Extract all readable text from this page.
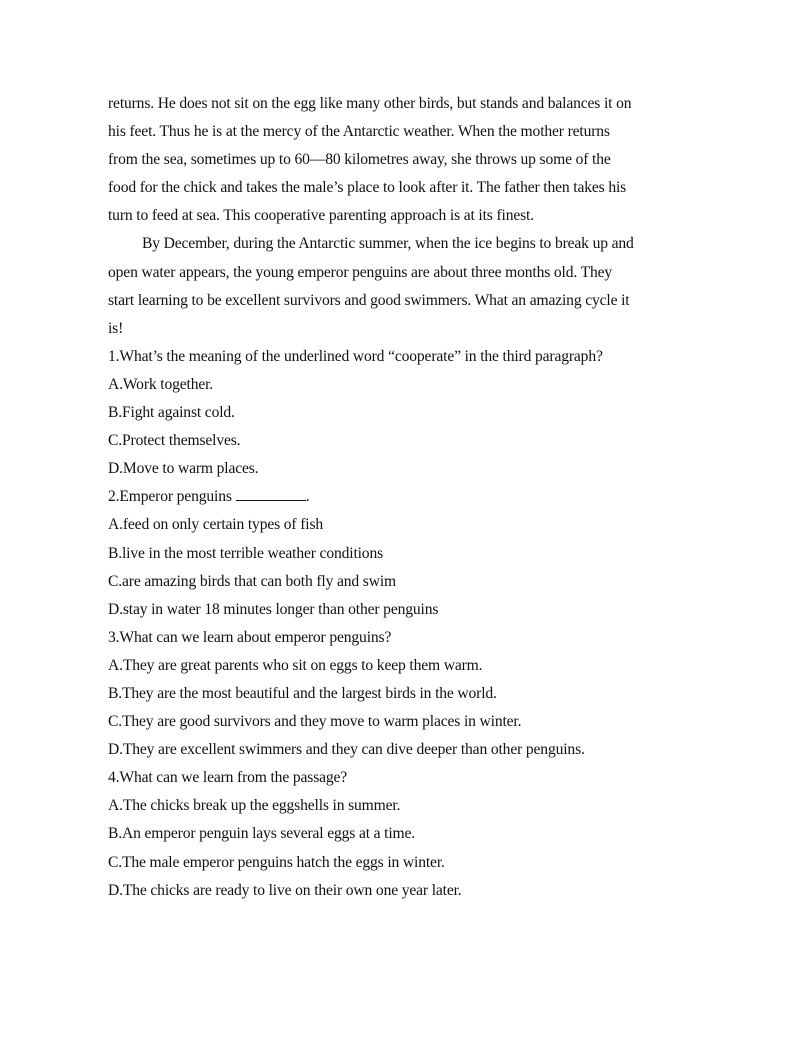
returns. He does not sit on the egg like many other birds, but stands and balances it on
his feet. Thus he is at the mercy of the Antarctic weather. When the mother returns
from the sea, sometimes up to 60—80 kilometres away, she throws up some of the
food for the chick and takes the male’s place to look after it. The father then takes his
turn to feed at sea. This cooperative parenting approach is at its finest.
By December, during the Antarctic summer, when the ice begins to break up and
open water appears, the young emperor penguins are about three months old. They
start learning to be excellent survivors and good swimmers. What an amazing cycle it
is!
1.What’s the meaning of the underlined word “cooperate” in the third paragraph?
A.Work together.
B.Fight against cold.
C.Protect themselves.
D.Move to warm places.
2.Emperor penguins	.
A.feed on only certain types of fish
B.live in the most terrible weather conditions
C.are amazing birds that can both fly and swim
D.stay in water 18 minutes longer than other penguins
3.What can we learn about emperor penguins?
A.They are great parents who sit on eggs to keep them warm.
B.They are the most beautiful and the largest birds in the world.
C.They are good survivors and they move to warm places in winter.
D.They are excellent swimmers and they can dive deeper than other penguins.
4.What can we learn from the passage?
A.The chicks break up the eggshells in summer.
B.An emperor penguin lays several eggs at a time.
C.The male emperor penguins hatch the eggs in winter.
D.The chicks are ready to live on their own one year later.
